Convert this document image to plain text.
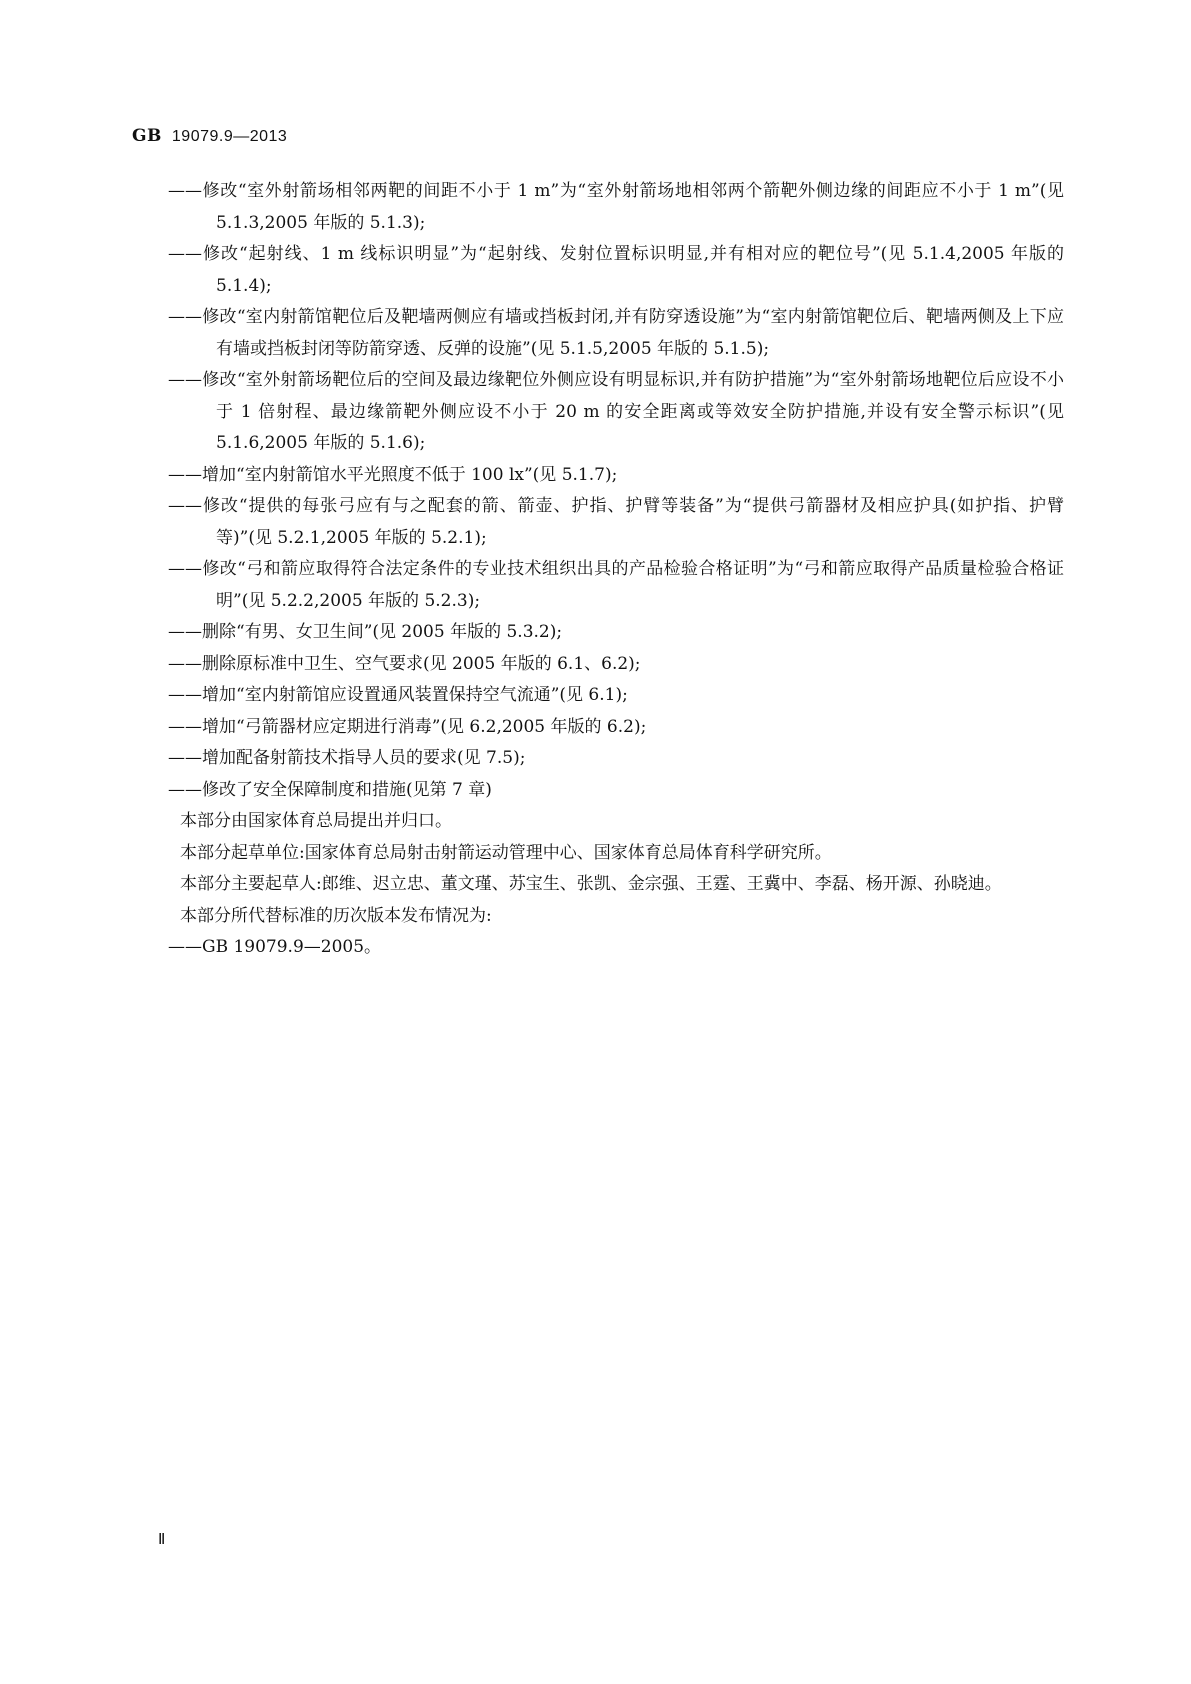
GB 19079.9—2013
——修改“室外射箭场相邻两靶的间距不小于 1 m”为“室外射箭场地相邻两个箭靶外侧边缘的间距应不小于 1 m”(见 5.1.3,2005 年版的 5.1.3);
——修改“起射线、1 m 线标识明显”为“起射线、发射位置标识明显,并有相对应的靶位号”(见 5.1.4,2005 年版的 5.1.4);
——修改“室内射箭馆靶位后及靶墙两侧应有墙或挡板封闭,并有防穿透设施”为“室内射箭馆靶位后、靶墙两侧及上下应有墙或挡板封闭等防箭穿透、反弹的设施”(见 5.1.5,2005 年版的 5.1.5);
——修改“室外射箭场靶位后的空间及最边缘靶位外侧应设有明显标识,并有防护措施”为“室外射箭场地靶位后应设不小于 1 倍射程、最边缘箭靶外侧应设不小于 20 m 的安全距离或等效安全防护措施,并设有安全警示标识”(见5.1.6,2005 年版的 5.1.6);
——增加“室内射箭馆水平光照度不低于 100 lx”(见 5.1.7);
——修改“提供的每张弓应有与之配套的箭、箭壶、护指、护臂等装备”为“提供弓箭器材及相应护具(如护指、护臂等)”(见 5.2.1,2005 年版的 5.2.1);
——修改“弓和箭应取得符合法定条件的专业技术组织出具的产品检验合格证明”为“弓和箭应取得产品质量检验合格证明”(见 5.2.2,2005 年版的 5.2.3);
——删除“有男、女卫生间”(见 2005 年版的 5.3.2);
——删除原标准中卫生、空气要求(见 2005 年版的 6.1、6.2);
——增加“室内射箭馆应设置通风装置保持空气流通”(见 6.1);
——增加“弓箭器材应定期进行消毒”(见 6.2,2005 年版的 6.2);
——增加配备射箭技术指导人员的要求(见 7.5);
——修改了安全保障制度和措施(见第 7 章)
本部分由国家体育总局提出并归口。
本部分起草单位:国家体育总局射击射箭运动管理中心、国家体育总局体育科学研究所。
本部分主要起草人:郎维、迟立忠、董文瑾、苏宝生、张凯、金宗强、王霆、王冀中、李磊、杨开源、孙晓迪。
本部分所代替标准的历次版本发布情况为:
——GB 19079.9—2005。
Ⅱ
